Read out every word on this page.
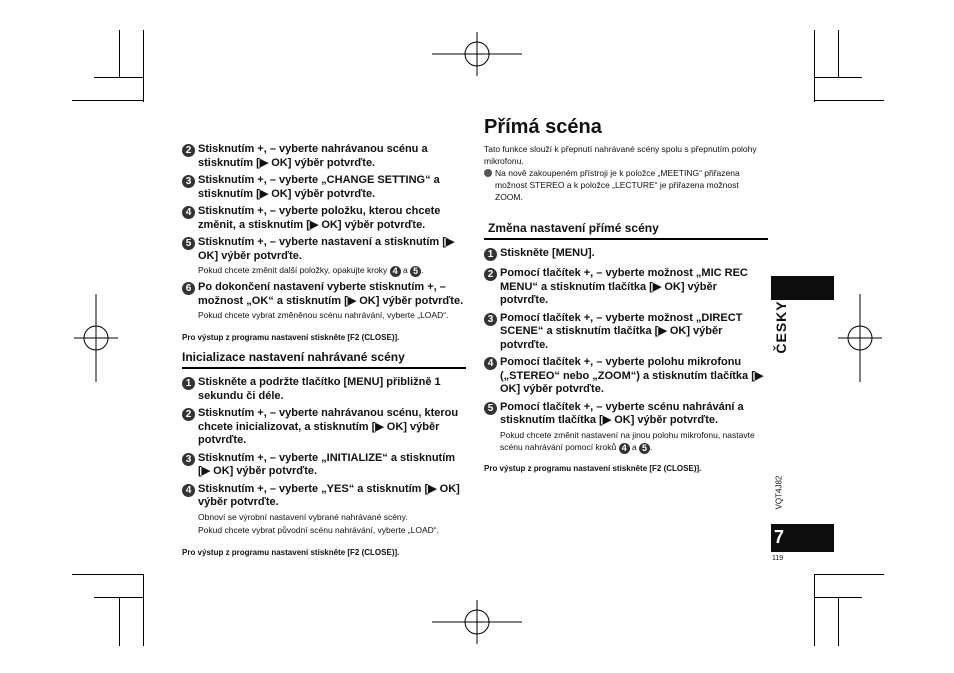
2 Stisknutím +, – vyberte nahrávanou scénu a stisknutím [▶ OK] výběr potvrďte.
3 Stisknutím +, – vyberte „CHANGE SETTING“ a stisknutím [▶ OK] výběr potvrďte.
4 Stisknutím +, – vyberte položku, kterou chcete změnit, a stisknutím [▶ OK] výběr potvrďte.
5 Stisknutím +, – vyberte nastavení a stisknutím [▶ OK] výběr potvrďte.
Pokud chcete změnit další položky, opakujte kroky 4 a 5 .
6 Po dokončení nastavení vyberte stisknutím +, – možnost „OK“ a stisknutím [▶ OK] výběr potvrďte.
Pokud chcete vybrat změněnou scénu nahrávání, vyberte „LOAD“.
Pro výstup z programu nastavení stiskněte [F2 (CLOSE)].
Inicializace nastavení nahrávané scény
1 Stiskněte a podržte tlačítko [MENU] přibližně 1 sekundu či déle.
2 Stisknutím +, – vyberte nahrávanou scénu, kterou chcete inicializovat, a stisknutím [▶ OK] výběr potvrďte.
3 Stisknutím +, – vyberte „INITIALIZE“ a stisknutím [▶ OK] výběr potvrďte.
4 Stisknutím +, – vyberte „YES“ a stisknutím [▶ OK] výběr potvrďte.
Obnoví se výrobní nastavení vybrané nahrávané scény.
Pokud chcete vybrat původní scénu nahrávání, vyberte „LOAD“.
Pro výstup z programu nastavení stiskněte [F2 (CLOSE)].
Přímá scéna
Tato funkce slouží k přepnutí nahrávané scény spolu s přepnutím polohy mikrofonu.
Na nově zakoupeném přístroji je k položce „MEETING“ přiřazena možnost STEREO a k položce „LECTURE“ je přiřazena možnost ZOOM.
Změna nastavení přímé scény
1 Stiskněte [MENU].
2 Pomocí tlačítek +, – vyberte možnost „MIC REC MENU“ a stisknutím tlačítka [▶ OK] výběr potvrďte.
3 Pomocí tlačítek +, – vyberte možnost „DIRECT SCENE“ a stisknutím tlačítka [▶ OK] výběr potvrďte.
4 Pomocí tlačítek +, – vyberte polohu mikrofonu („STEREO“ nebo „ZOOM“) a stisknutím tlačítka [▶ OK] výběr potvrďte.
5 Pomocí tlačítek +, – vyberte scénu nahrávání a stisknutím tlačítka [▶ OK] výběr potvrďte.
Pokud chcete změnit nastavení na jinou polohu mikrofonu, nastavte scénu nahrávání pomocí kroků 4 a 5 .
Pro výstup z programu nastavení stiskněte [F2 (CLOSE)].
ČESKY
VQT4J82
7
119
